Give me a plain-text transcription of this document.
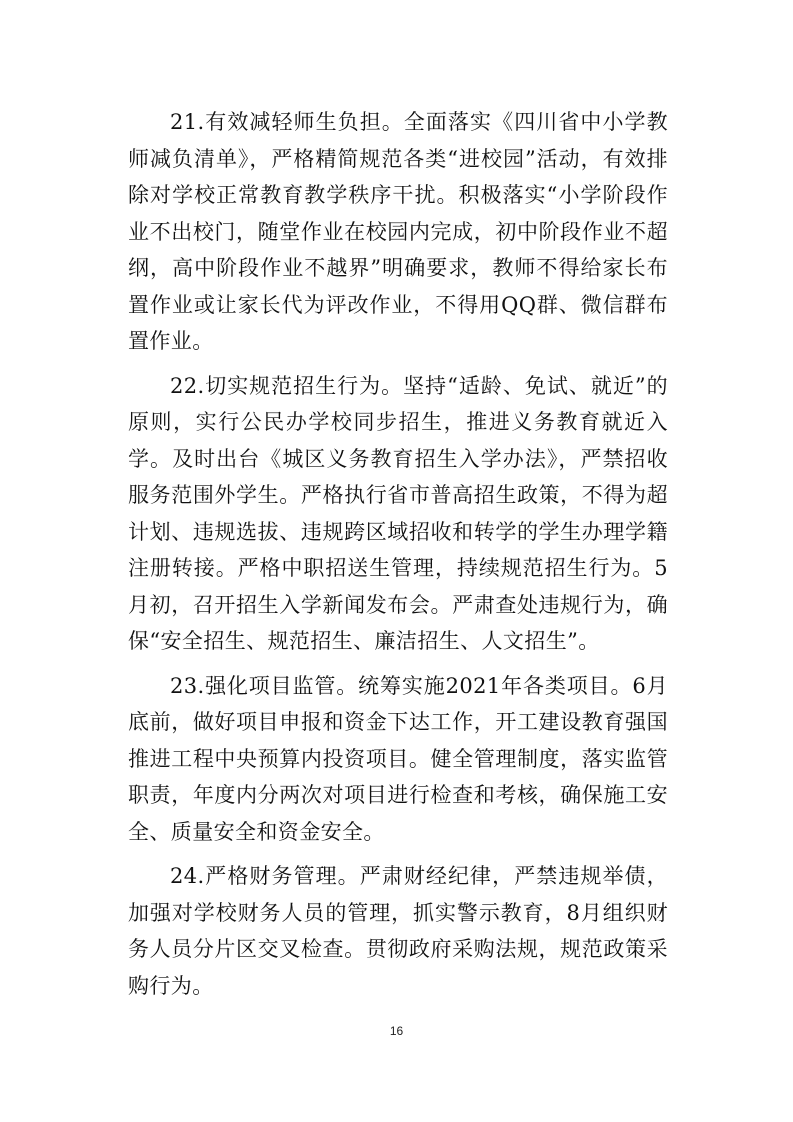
21.有效减轻师生负担。全面落实《四川省中小学教师减负清单》，严格精简规范各类“进校园”活动，有效排除对学校正常教育教学秩序干扰。积极落实“小学阶段作业不出校门，随堂作业在校园内完成，初中阶段作业不超纲，高中阶段作业不越界”明确要求，教师不得给家长布置作业或让家长代为评改作业，不得用QQ群、微信群布置作业。

22.切实规范招生行为。坚持“适龄、免试、就近”的原则，实行公民办学校同步招生，推进义务教育就近入学。及时出台《城区义务教育招生入学办法》，严禁招收服务范围外学生。严格执行省市普高招生政策，不得为超计划、违规选拔、违规跨区域招收和转学的学生办理学籍注册转接。严格中职招送生管理，持续规范招生行为。5月初，召开招生入学新闻发布会。严肃查处违规行为，确保“安全招生、规范招生、廉洁招生、人文招生”。

23.强化项目监管。统筹实施2021年各类项目。6月底前，做好项目申报和资金下达工作，开工建设教育强国推进工程中央预算内投资项目。健全管理制度，落实监管职责，年度内分两次对项目进行检查和考核，确保施工安全、质量安全和资金安全。

24.严格财务管理。严肃财经纪律，严禁违规举债，加强对学校财务人员的管理，抓实警示教育，8月组织财务人员分片区交叉检查。贯彻政府采购法规，规范政策采购行为。

16
